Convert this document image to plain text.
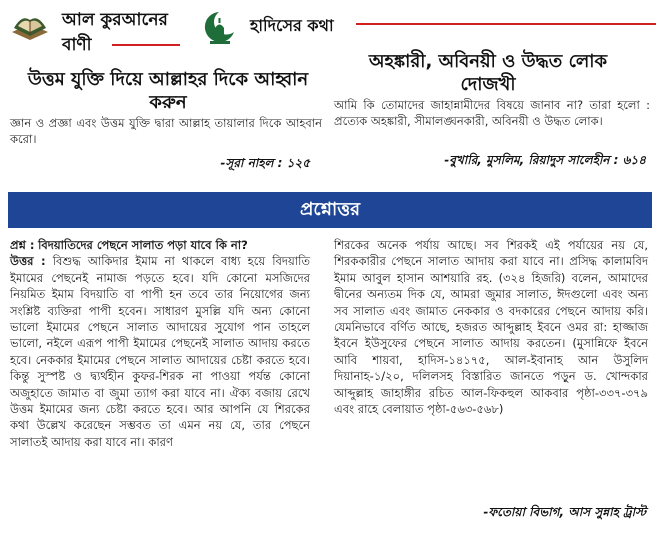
আল কুরআনের
বাণী
হাদিসের কথা
উত্তম যুক্তি দিয়ে আল্লাহর দিকে আহ্বান করুন
জ্ঞান ও প্রজ্ঞা এবং উত্তম যুক্তি দ্বারা আল্লাহ তায়ালার দিকে আহবান করো।
-সূরা নাহল : ১২৫
অহঙ্কারী, অবিনয়ী ও উদ্ধত লোক দোজখী
আমি কি তোমাদের জাহান্নামীদের বিষয়ে জানাব না? তারা হলো : প্রত্যেক অহঙ্কারী, সীমালঙ্ঘনকারী, অবিনয়ী ও উদ্ধত লোক।
-বুখারি, মুসলিম, রিয়াদুস সালেহীন : ৬১৪
প্রশ্নোত্তর
প্রশ্ন : বিদয়াতিদের পেছনে সালাত পড়া যাবে কি না?
উত্তর : বিশুদ্ধ আকিদার ইমাম না থাকলে বাধ্য হয়ে বিদয়াতি ইমামের পেছনেই নামাজ পড়তে হবে। যদি কোনো মসজিদের নিয়মিত ইমাম বিদয়াতি বা পাপী হন তবে তার নিয়োগের জন্য সংশ্লিষ্ট ব্যক্তিরা পাপী হবেন। সাধারণ মুসল্লি যদি অন্য কোনো ভালো ইমামের পেছনে সালাত আদায়ের সুযোগ পান তাহলে ভালো, নইলে এরূপ পাপী ইমামের পেছনেই সালাত আদায় করতে হবে। নেককার ইমামের পেছনে সালাত আদায়ের চেষ্টা করতে হবে। কিন্তু সুস্পষ্ট ও দ্ব্যর্থহীন কুফর-শিরক না পাওয়া পর্যন্ত কোনো অজুহাতে জামাত বা জুমা ত্যাগ করা যাবে না। ঐক্য বজায় রেখে উত্তম ইমামের জন্য চেষ্টা করতে হবে। আর আপনি যে শিরকের কথা উল্লেখ করেছেন সম্ভবত তা এমন নয় যে, তার পেছনে সালাতই আদায় করা যাবে না। কারণ
শিরকের অনেক পর্যায় আছে। সব শিরকই এই পর্যায়ের নয় যে, শিরককারীর পেছনে সালাত আদায় করা যাবে না। প্রসিদ্ধ কালামবিদ ইমাম আবুল হাসান আশয়ারি রহ. (৩২৪ হিজরি) বলেন, আমাদের দ্বীনের অন্যতম দিক যে, আমরা জুমার সালাত, ঈদগুলো এবং অন্য সব সালাত এবং জামাত নেককার ও বদকারের পেছনে আদায় করি। যেমনিভাবে বর্ণিত আছে, হজরত আব্দুল্লাহ ইবনে ওমর রা: হাজ্জাজ ইবনে ইউসুফের পেছনে সালাত আদায় করতেন। (মুসান্নিফে ইবনে আবি শায়বা, হাদিস-১৪১৭৫, আল-ইবানাহ আন উসুলিদ দিয়ানাহ-১/২০, দলিলসহ বিস্তারিত জানতে পড়ুন ড. খোন্দকার আব্দুল্লাহ জাহাঙ্গীর রচিত আল-ফিকহুল আকবার পৃষ্ঠা-৩৩৭-৩৭৯ এবং রাহে বেলায়াত পৃষ্ঠা-৫৬৩-৫৬৮)
-ফতোয়া বিভাগ, আস সুন্নাহ ট্রাস্ট
